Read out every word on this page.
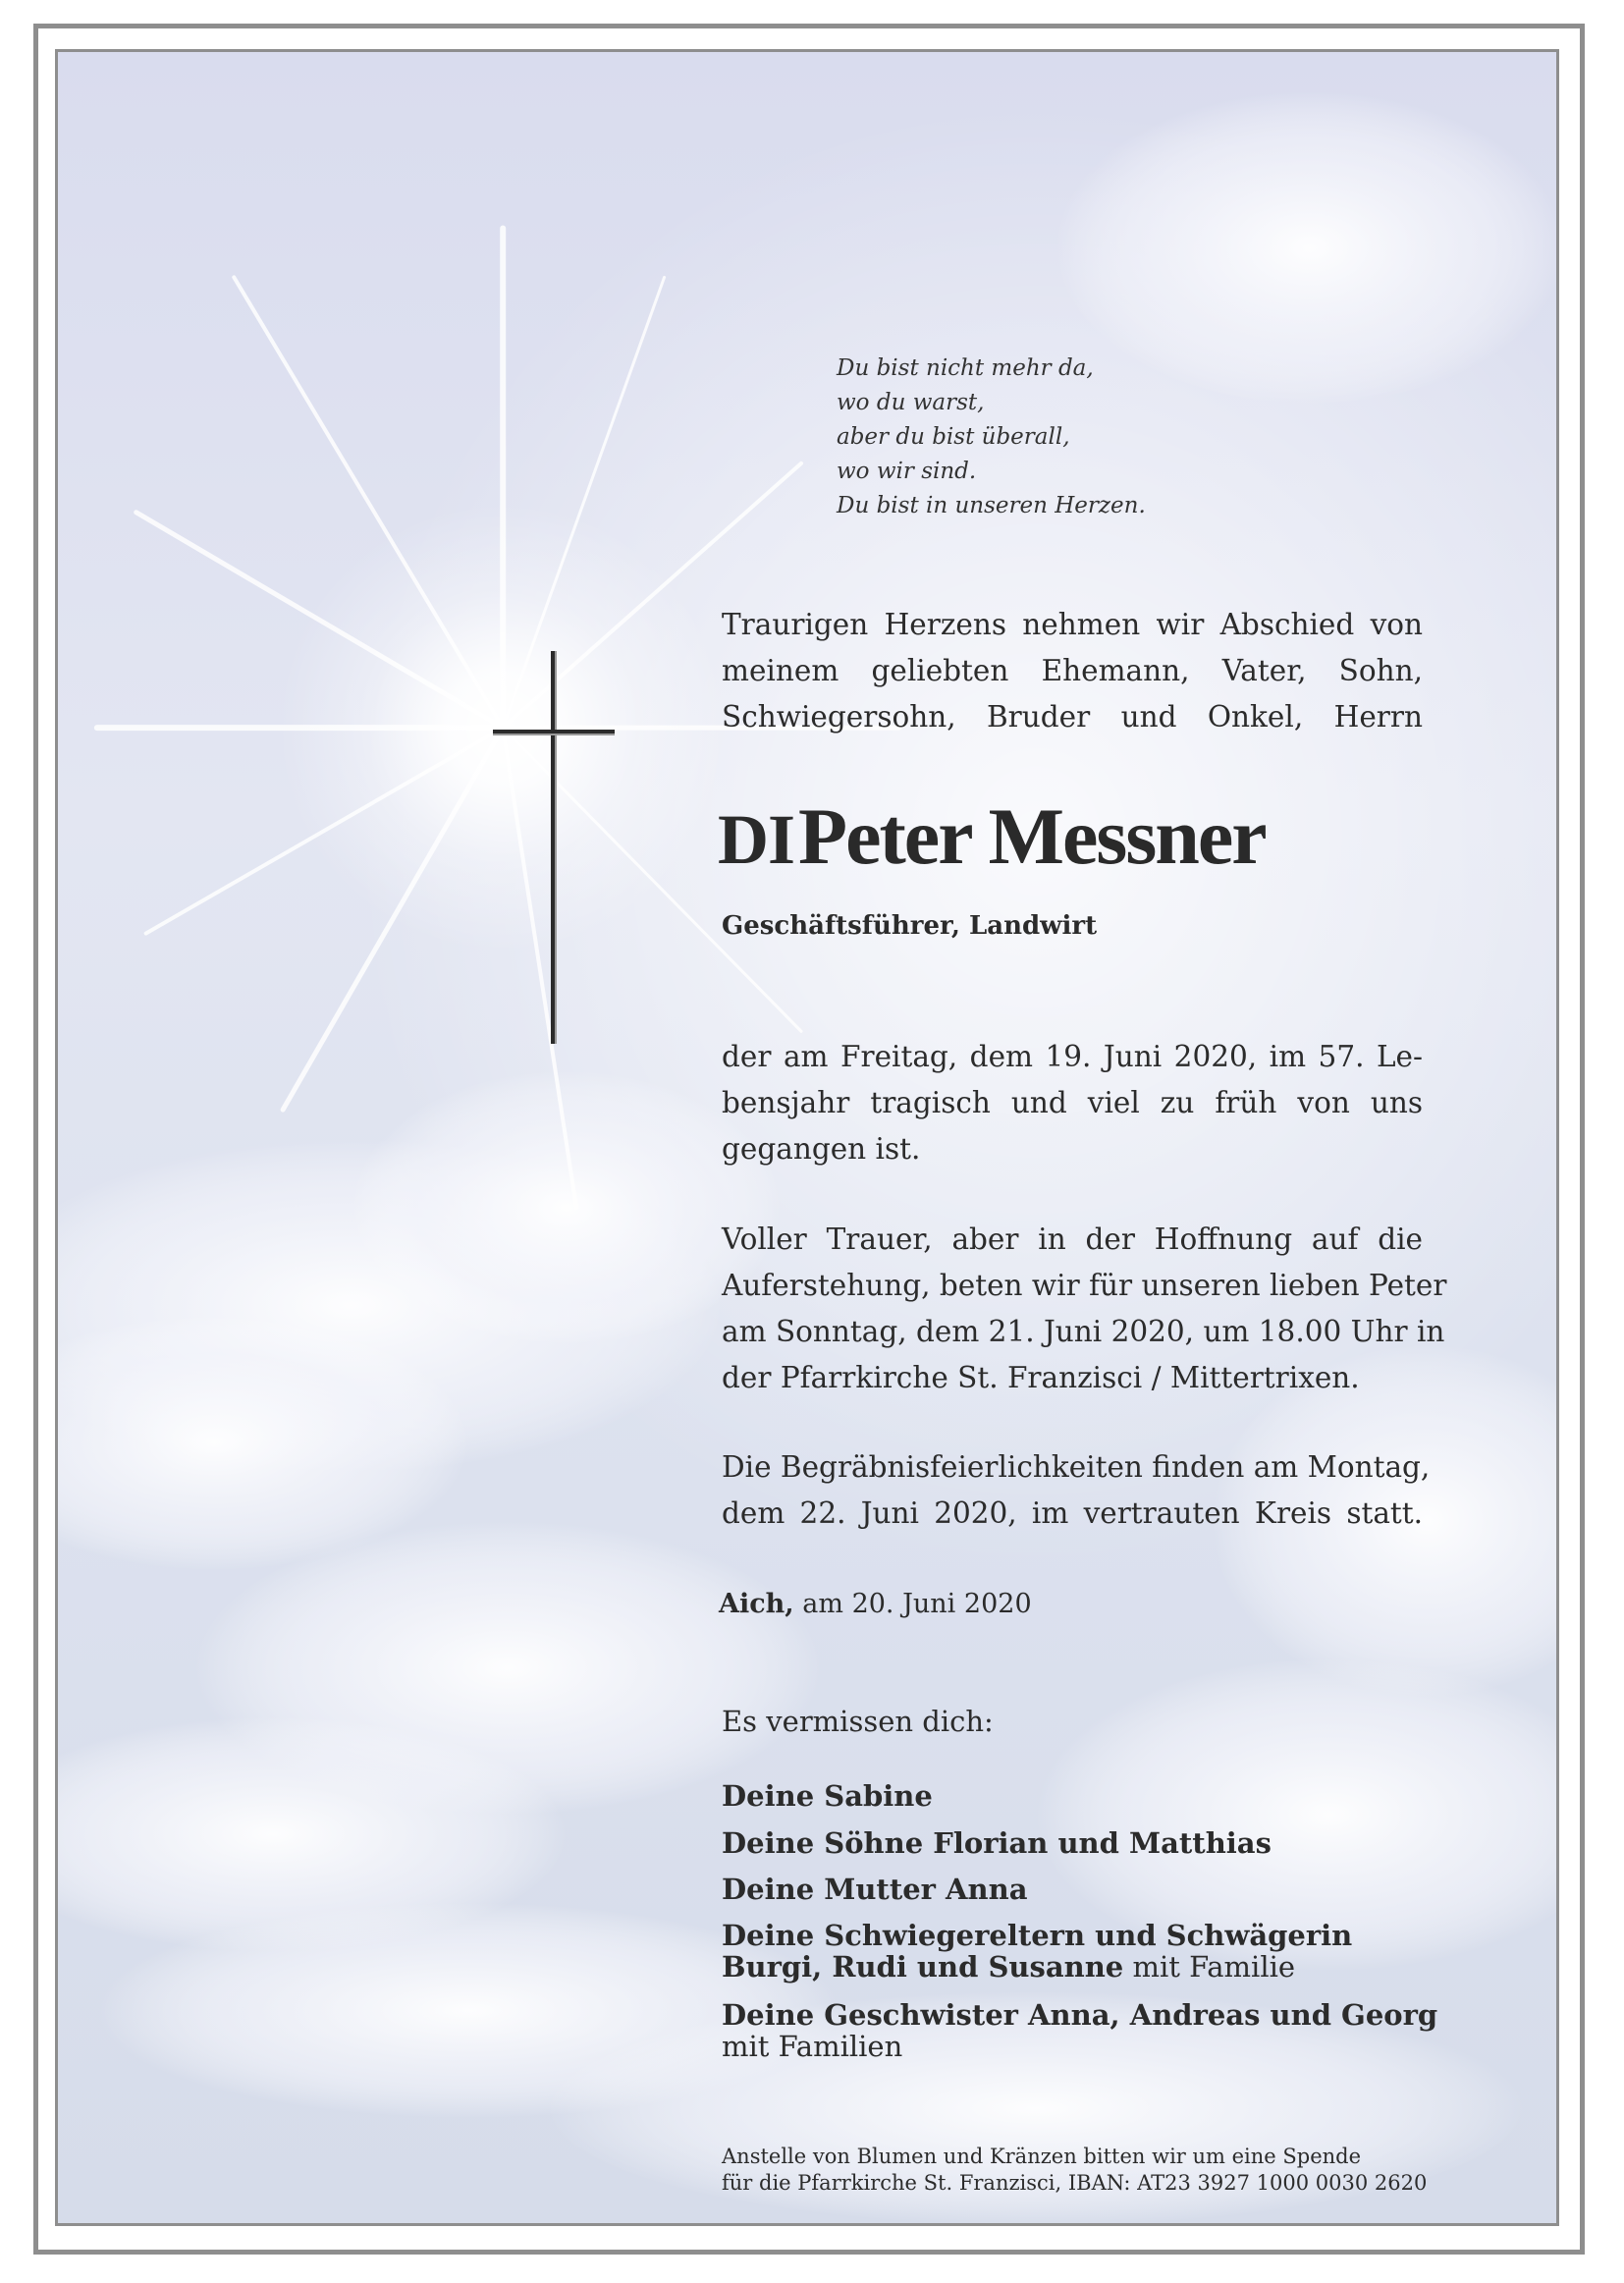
Du bist nicht mehr da,
wo du warst,
aber du bist überall,
wo wir sind.
Du bist in unseren Herzen.
Traurigen Herzens nehmen wir Abschied von
meinem geliebten Ehemann, Vater, Sohn,
Schwiegersohn, Bruder und Onkel, Herrn
DI Peter Messner
Geschäftsführer, Landwirt
der am Freitag, dem 19. Juni 2020, im 57. Le-
bensjahr tragisch und viel zu früh von uns
gegangen ist.
Voller Trauer, aber in der Hoffnung auf die
Auferstehung, beten wir für unseren lieben Peter
am Sonntag, dem 21. Juni 2020, um 18.00 Uhr in
der Pfarrkirche St. Franzisci / Mittertrixen.
Die Begräbnisfeierlichkeiten finden am Montag,
dem 22. Juni 2020, im vertrauten Kreis statt.
Aich, am 20. Juni 2020
Es vermissen dich:
Deine Sabine
Deine Söhne Florian und Matthias
Deine Mutter Anna
Deine Schwiegereltern und Schwägerin
Burgi, Rudi und Susanne mit Familie
Deine Geschwister Anna, Andreas und Georg
mit Familien
Anstelle von Blumen und Kränzen bitten wir um eine Spende
für die Pfarrkirche St. Franzisci, IBAN: AT23 3927 1000 0030 2620
